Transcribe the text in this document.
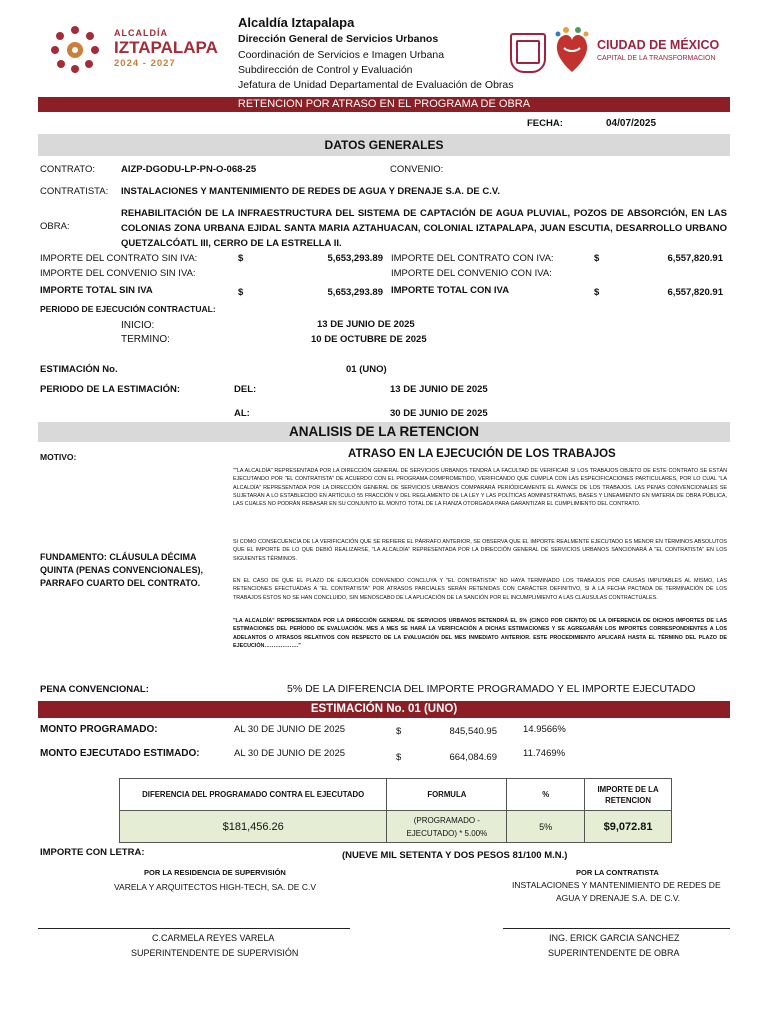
ALCALDÍA
IZTAPALAPA
2024 - 2027
Alcaldía Iztapalapa
Dirección General de Servicios Urbanos
Coordinación de Servicios e Imagen Urbana
Subdirección de Control y Evaluación
Jefatura de Unidad Departamental de Evaluación de Obras
CIUDAD DE MÉXICO
CAPITAL DE LA TRANSFORMACIÓN
RETENCION POR ATRASO EN EL PROGRAMA DE OBRA
FECHA:	04/07/2025
DATOS GENERALES
CONTRATO:	AIZP-DGODU-LP-PN-O-068-25	CONVENIO:
CONTRATISTA: INSTALACIONES Y MANTENIMIENTO DE REDES DE AGUA Y DRENAJE S.A. DE C.V.
OBRA:
REHABILITACIÓN DE LA INFRAESTRUCTURA DEL SISTEMA DE CAPTACIÓN DE AGUA PLUVIAL, POZOS DE ABSORCIÓN, EN LAS COLONIAS ZONA URBANA EJIDAL SANTA MARIA AZTAHUACAN, COLONIAL IZTAPALAPA, JUAN ESCUTIA, DESARROLLO URBANO QUETZALCÓATL III, CERRO DE LA ESTRELLA II.
IMPORTE DEL CONTRATO SIN IVA:	$	5,653,293.89 IMPORTE DEL CONTRATO CON IVA:	$	6,557,820.91
IMPORTE DEL CONVENIO SIN IVA:	IMPORTE DEL CONVENIO CON IVA:
IMPORTE TOTAL SIN IVA	$	5,653,293.89 IMPORTE TOTAL CON IVA	$	6,557,820.91
PERIODO DE EJECUCIÓN CONTRACTUAL:
INICIO:	13 DE JUNIO DE 2025
TERMINO:	10 DE OCTUBRE DE 2025
ESTIMACIÓN No.	01 (UNO)
PERIODO DE LA ESTIMACIÓN:	DEL:	13 DE JUNIO DE 2025
AL:	30 DE JUNIO DE 2025
ANALISIS DE LA RETENCION
MOTIVO:	ATRASO EN LA EJECUCIÓN DE LOS TRABAJOS
FUNDAMENTO: CLÁUSULA DÉCIMA QUINTA (PENAS CONVENCIONALES), PARRAFO CUARTO DEL CONTRATO.
""LA ALCALDÍA" REPRESENTADA POR LA DIRECCIÓN GENERAL DE SERVICIOS URBANOS TENDRÁ LA FACULTAD DE VERIFICAR SI LOS TRABAJOS OBJETO DE ESTE CONTRATO SE ESTÁN EJECUTANDO POR "EL CONTRATISTA" DE ACUERDO CON EL PROGRAMA COMPROMETIDO, VERIFICANDO QUE CUMPLA CON LAS ESPECIFICACIONES PARTICULARES, POR LO CUAL "LA ALCALDÍA" REPRESENTADA POR LA DIRECCIÓN GENERAL DE SERVICIOS URBANOS COMPARARÁ PERIÓDICAMENTE EL AVANCE DE LOS TRABAJOS. LAS PENAS CONVENCIONALES SE SUJETARÁN A LO ESTABLECIDO EN ARTÍCULO 55 FRACCIÓN V DEL REGLAMENTO DE LA LEY Y LAS POLÍTICAS ADMINISTRATIVAS, BASES Y LINEAMIENTO EN MATERIA DE OBRA PÚBLICA, LAS CUALES NO PODRÁN REBASAR EN SU CONJUNTO EL MONTO TOTAL DE LA FIANZA OTORGADA PARA GARANTIZAR EL CUMPLIMIENTO DEL CONTRATO.
SI COMO CONSECUENCIA DE LA VERIFICACIÓN QUE SE REFIERE EL PÁRRAFO ANTERIOR, SE OBSERVA QUE EL IMPORTE REALMENTE EJECUTADO ES MENOR EN TÉRMINOS ABSOLUTOS QUE EL IMPORTE DE LO QUE DEBIÓ REALIZARSE, "LA ALCALDÍA" REPRESENTADA POR LA DIRECCIÓN GENERAL DE SERVICIOS URBANOS SANCIONARÁ A "EL CONTRATISTA" EN LOS SIGUIENTES TÉRMINOS.
EN EL CASO DE QUE EL PLAZO DE EJECUCIÓN CONVENIDO CONCLUYA Y "EL CONTRATISTA" NO HAYA TERMINADO LOS TRABAJOS POR CAUSAS IMPUTABLES AL MISMO, LAS RETENCIONES EFECTUADAS A "EL CONTRATISTA" POR ATRASOS PARCIALES SERÁN RETENIDAS CON CARÁCTER DEFINITIVO, SI A LA FECHA PACTADA DE TERMINACIÓN DE LOS TRABAJOS ÉSTOS NO SE HAN CONCLUIDO, SIN MENOSCABO DE LA APLICACIÓN DE LA SANCIÓN POR EL INCUMPLIMIENTO A LAS CLAUSULAS CONTRACTUALES.
"LA ALCALDÍA" REPRESENTADA POR LA DIRECCIÓN GENERAL DE SERVICIOS URBANOS RETENDRÁ EL 5% (CINCO POR CIENTO) DE LA DIFERENCIA DE DICHOS IMPORTES DE LAS ESTIMACIONES DEL PERÍODO DE EVALUACIÓN. MES A MES SE HARÁ LA VERIFICACIÓN A DICHAS ESTIMACIONES Y SE AGREGARÁN LOS IMPORTES CORRESPONDIENTES A LOS ADELANTOS O ATRASOS RELATIVOS CON RESPECTO DE LA EVALUACIÓN DEL MES INMEDIATO ANTERIOR. ESTE PROCEDIMIENTO APLICARÁ HASTA EL TÉRMINO DEL PLAZO DE EJECUCIÓN………………."
PENA CONVENCIONAL:	5% DE LA DIFERENCIA DEL IMPORTE PROGRAMADO Y EL IMPORTE EJECUTADO
ESTIMACIÓN No. 01 (UNO)
MONTO PROGRAMADO:	AL 30 DE JUNIO DE 2025	$	845,540.95	14.9566%
MONTO EJECUTADO ESTIMADO:	AL 30 DE JUNIO DE 2025	$	664,084.69	11.7469%
DIFERENCIA DEL PROGRAMADO CONTRA EL EJECUTADO	FORMULA	%	IMPORTE DE LA RETENCION
$181,456.26	(PROGRAMADO - EJECUTADO) * 5.00%	5%	$9,072.81
IMPORTE CON LETRA:	(NUEVE MIL SETENTA Y DOS PESOS 81/100 M.N.)
POR LA RESIDENCIA DE SUPERVISIÓN
VARELA Y ARQUITECTOS HIGH-TECH, SA. DE C.V
POR LA CONTRATISTA
INSTALACIONES Y MANTENIMIENTO DE REDES DE
AGUA Y DRENAJE S.A. DE C.V.
C.CARMELA REYES VARELA
SUPERINTENDENTE DE SUPERVISIÓN
ING. ERICK GARCIA SANCHEZ
SUPERINTENDENTE DE OBRA
